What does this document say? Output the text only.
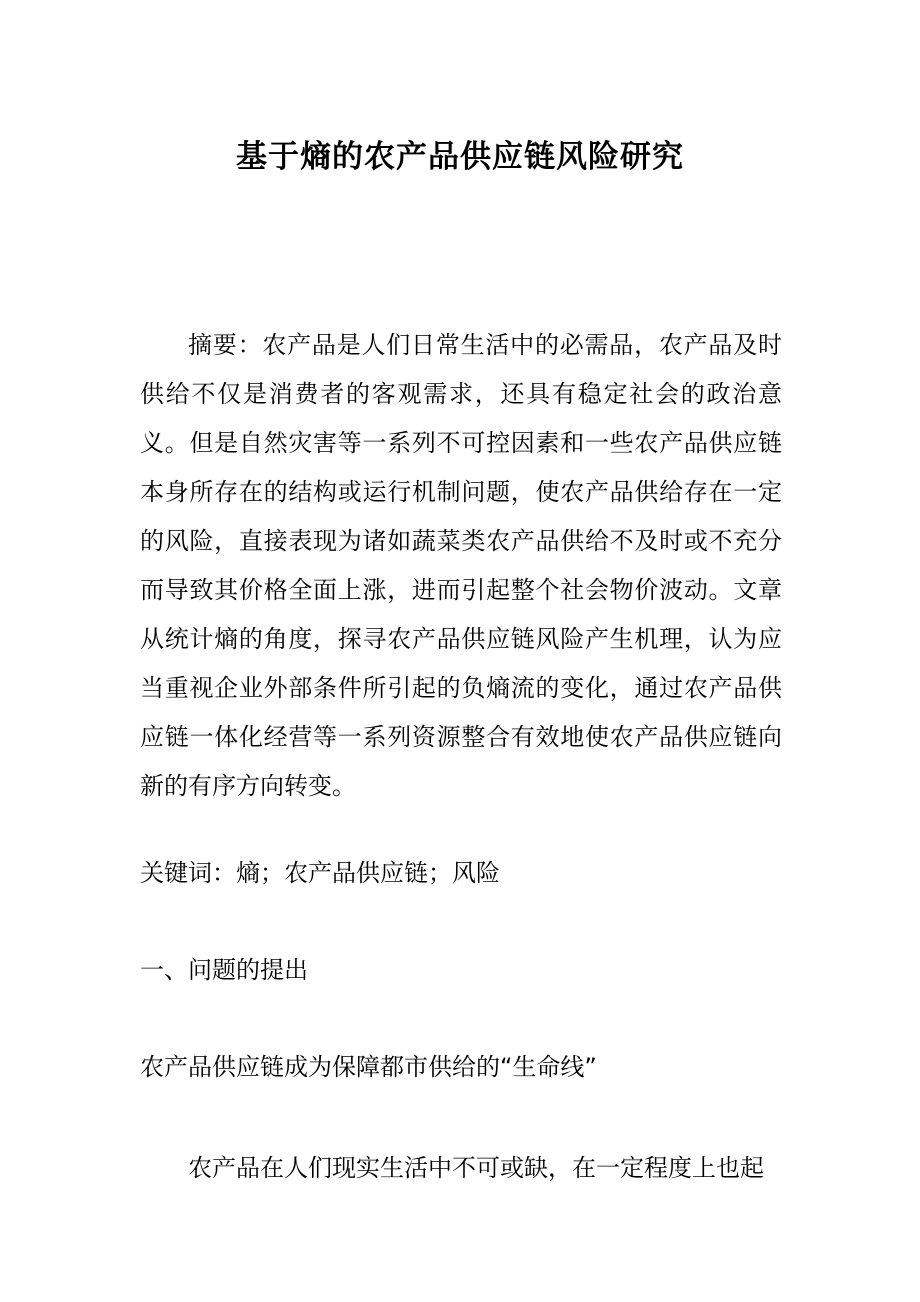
基于熵的农产品供应链风险研究

摘要：农产品是人们日常生活中的必需品，农产品及时供给不仅是消费者的客观需求，还具有稳定社会的政治意义。但是自然灾害等一系列不可控因素和一些农产品供应链本身所存在的结构或运行机制问题，使农产品供给存在一定的风险，直接表现为诸如蔬菜类农产品供给不及时或不充分而导致其价格全面上涨，进而引起整个社会物价波动。文章从统计熵的角度，探寻农产品供应链风险产生机理，认为应当重视企业外部条件所引起的负熵流的变化，通过农产品供应链一体化经营等一系列资源整合有效地使农产品供应链向新的有序方向转变。

关键词：熵；农产品供应链；风险

一、问题的提出

农产品供应链成为保障都市供给的“生命线”

农产品在人们现实生活中不可或缺，在一定程度上也起
